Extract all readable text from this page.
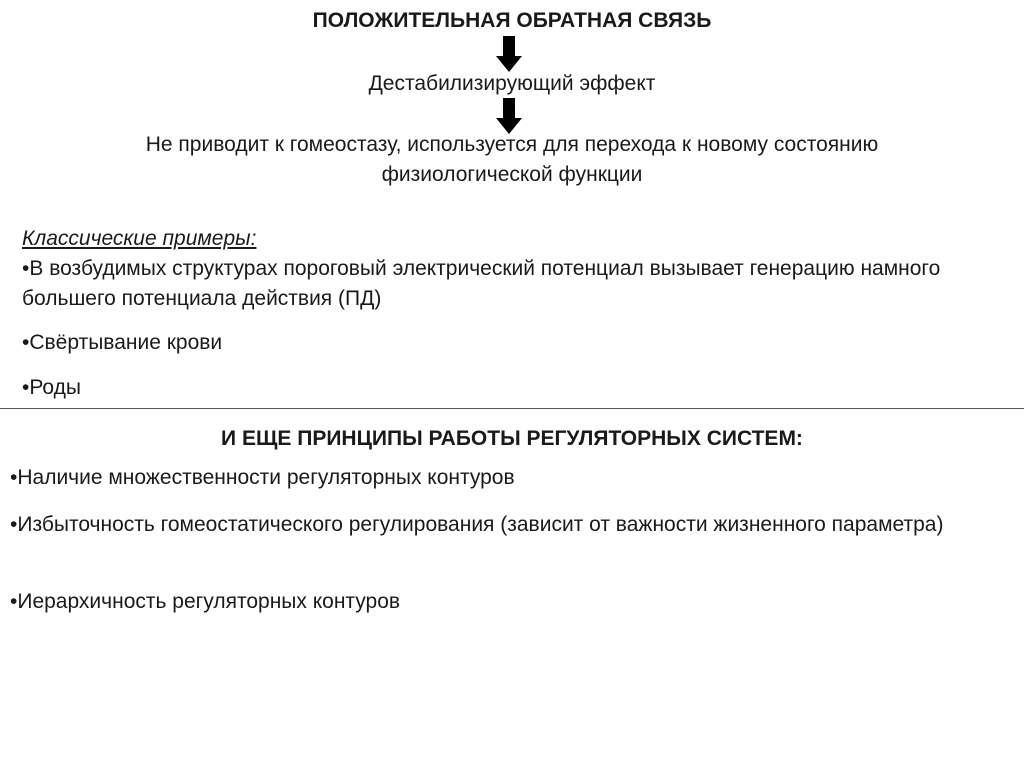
ПОЛОЖИТЕЛЬНАЯ ОБРАТНАЯ СВЯЗЬ
Дестабилизирующий эффект
Не приводит к гомеостазу, используется для перехода к новому состоянию
физиологической функции
Классические примеры:
•В возбудимых структурах пороговый электрический потенциал вызывает генерацию намного большего потенциала действия (ПД)
•Свёртывание крови
•Роды
И ЕЩЕ ПРИНЦИПЫ РАБОТЫ РЕГУЛЯТОРНЫХ СИСТЕМ:
•Наличие множественности регуляторных контуров
•Избыточность гомеостатического регулирования (зависит от важности жизненного параметра)
•Иерархичность регуляторных контуров
